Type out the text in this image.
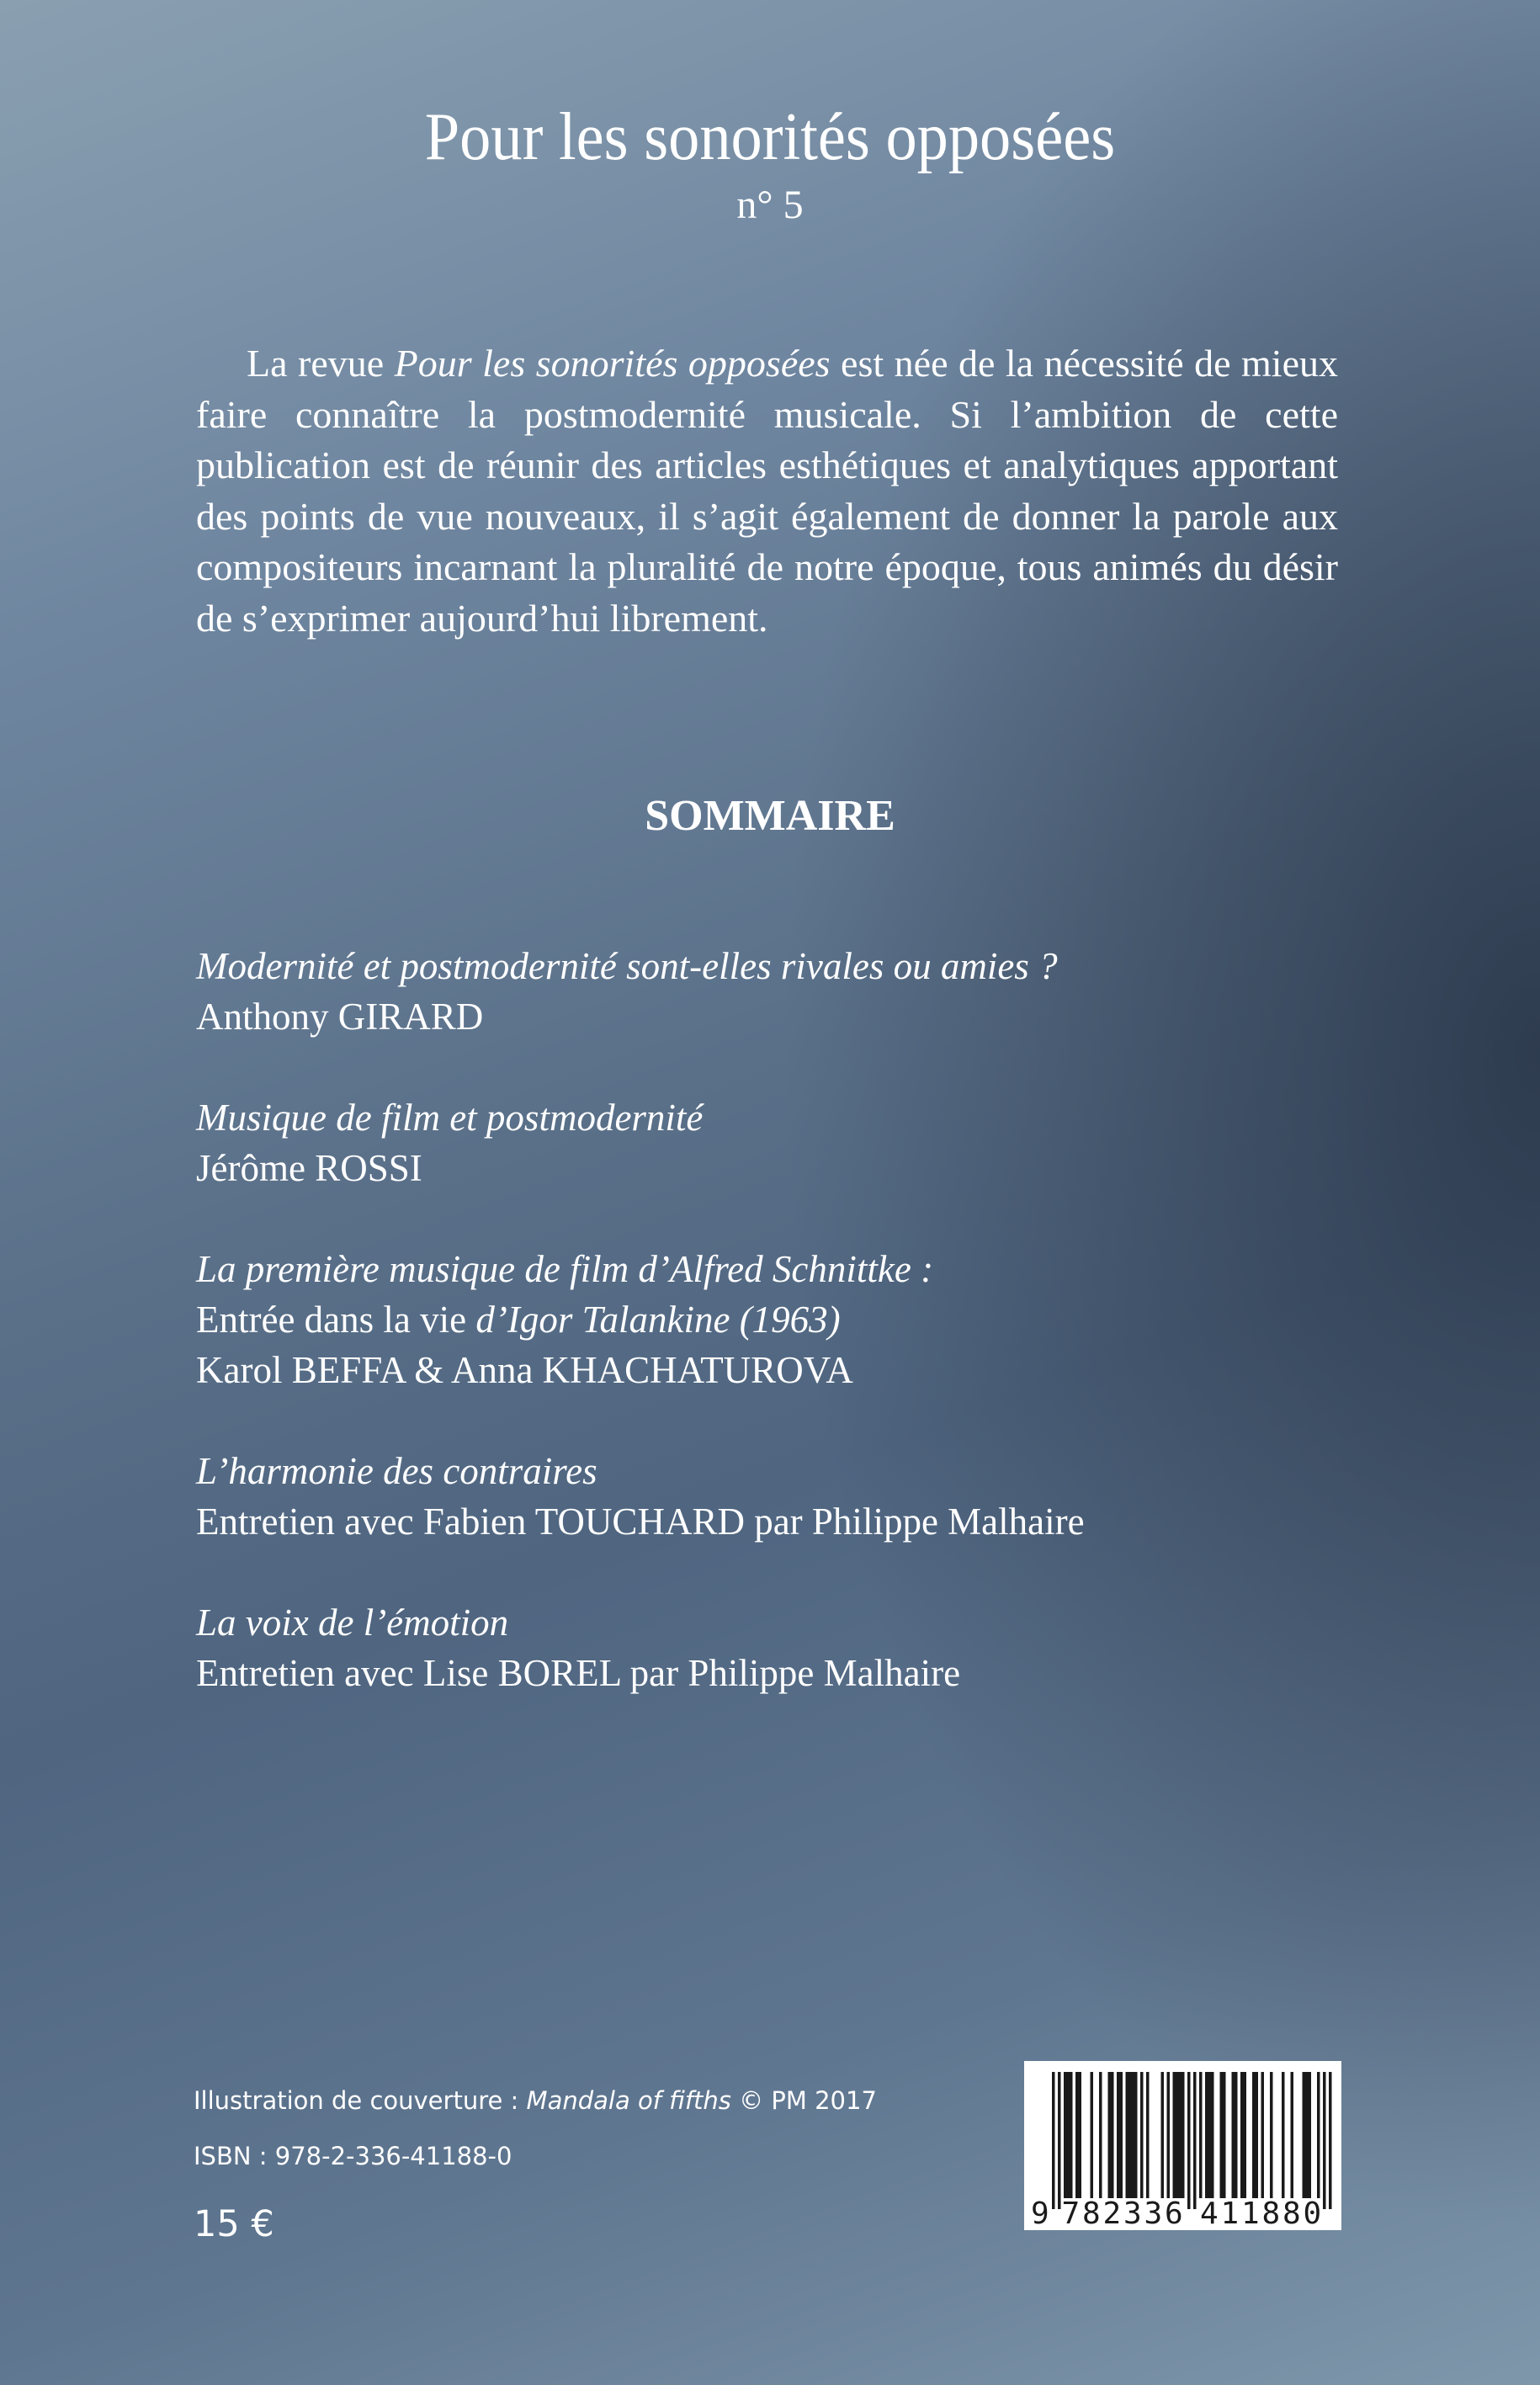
Pour les sonorités opposées
n° 5

La revue Pour les sonorités opposées est née de la nécessité de mieux faire connaître la postmodernité musicale. Si l’ambition de cette publication est de réunir des articles esthétiques et analytiques apportant des points de vue nouveaux, il s’agit également de donner la parole aux compositeurs incarnant la pluralité de notre époque, tous animés du désir de s’exprimer aujourd’hui librement.

SOMMAIRE
Modernité et postmodernité sont-elles rivales ou amies ?
Anthony GIRARD
Musique de film et postmodernité
Jérôme ROSSI
La première musique de film d’Alfred Schnittke :
Entrée dans la vie d’Igor Talankine (1963)
Karol BEFFA & Anna KHACHATUROVA
L’harmonie des contraires
Entretien avec Fabien TOUCHARD par Philippe Malhaire
La voix de l’émotion
Entretien avec Lise BOREL par Philippe Malhaire
Illustration de couverture : Mandala of fifths © PM 2017
ISBN : 978-2-336-41188-0
15 €	9 7 8 2 3 3 6 4 1 1 8 8 0
